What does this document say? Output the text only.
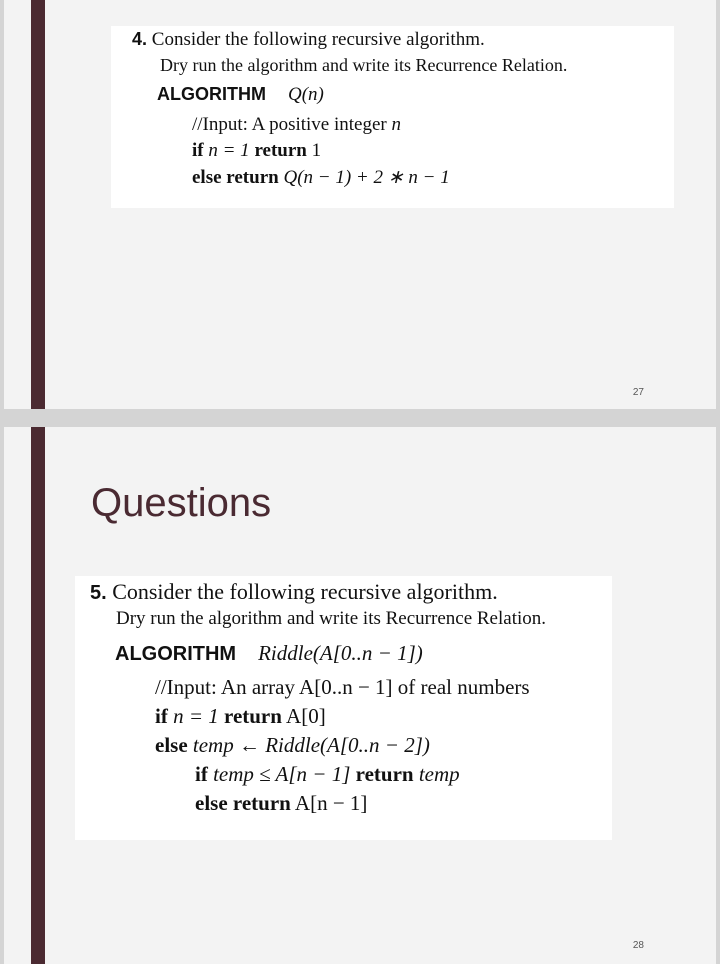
4. Consider the following recursive algorithm.
Dry run the algorithm and write its Recurrence Relation.
ALGORITHM Q(n)
//Input: A positive integer n
if n = 1 return 1
else return Q(n − 1) + 2 ∗ n − 1
27
Questions
5. Consider the following recursive algorithm.
Dry run the algorithm and write its Recurrence Relation.
ALGORITHM Riddle(A[0..n − 1])
//Input: An array A[0..n − 1] of real numbers
if n = 1 return A[0]
else temp ← Riddle(A[0..n − 2])
if temp ≤ A[n − 1] return temp
else return A[n − 1]
28
